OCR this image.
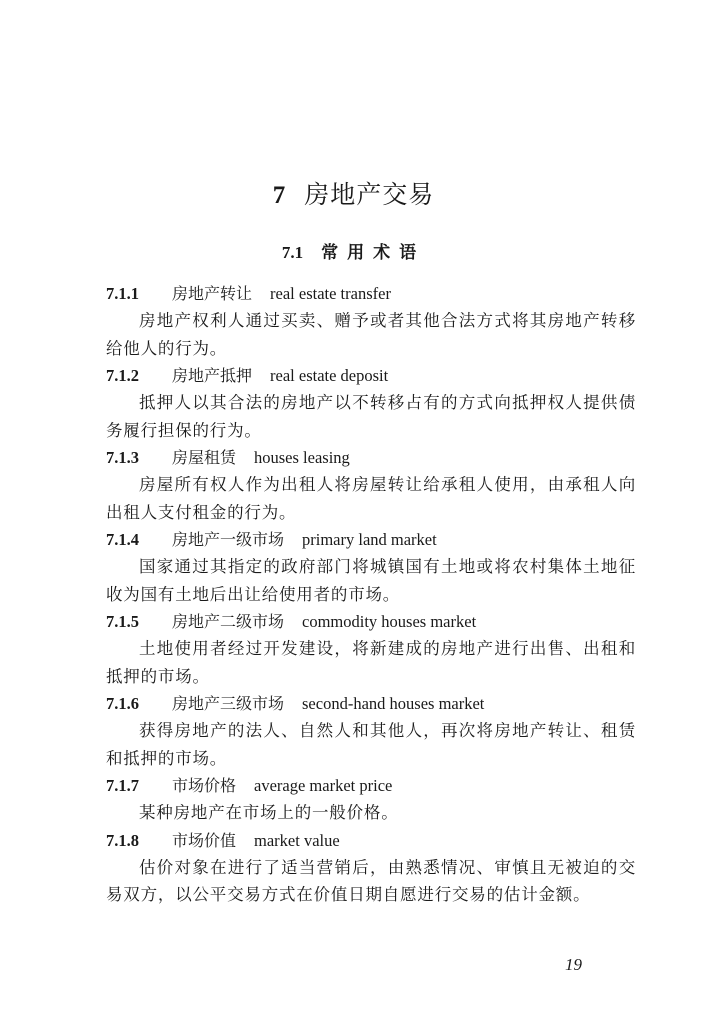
7 房地产交易
7.1 常用术语
7.1.1 房地产转让 real estate transfer

房地产权利人通过买卖、赠予或者其他合法方式将其房地产转移给他人的行为。

7.1.2 房地产抵押 real estate deposit

抵押人以其合法的房地产以不转移占有的方式向抵押权人提供债务履行担保的行为。

7.1.3 房屋租赁 houses leasing

房屋所有权人作为出租人将房屋转让给承租人使用，由承租人向出租人支付租金的行为。

7.1.4 房地产一级市场 primary land market

国家通过其指定的政府部门将城镇国有土地或将农村集体土地征收为国有土地后出让给使用者的市场。

7.1.5 房地产二级市场 commodity houses market

土地使用者经过开发建设，将新建成的房地产进行出售、出租和抵押的市场。

7.1.6 房地产三级市场 second-hand houses market

获得房地产的法人、自然人和其他人，再次将房地产转让、租赁和抵押的市场。

7.1.7 市场价格 average market price

某种房地产在市场上的一般价格。

7.1.8 市场价值 market value

估价对象在进行了适当营销后，由熟悉情况、审慎且无被迫的交易双方，以公平交易方式在价值日期自愿进行交易的估计金额。

19
